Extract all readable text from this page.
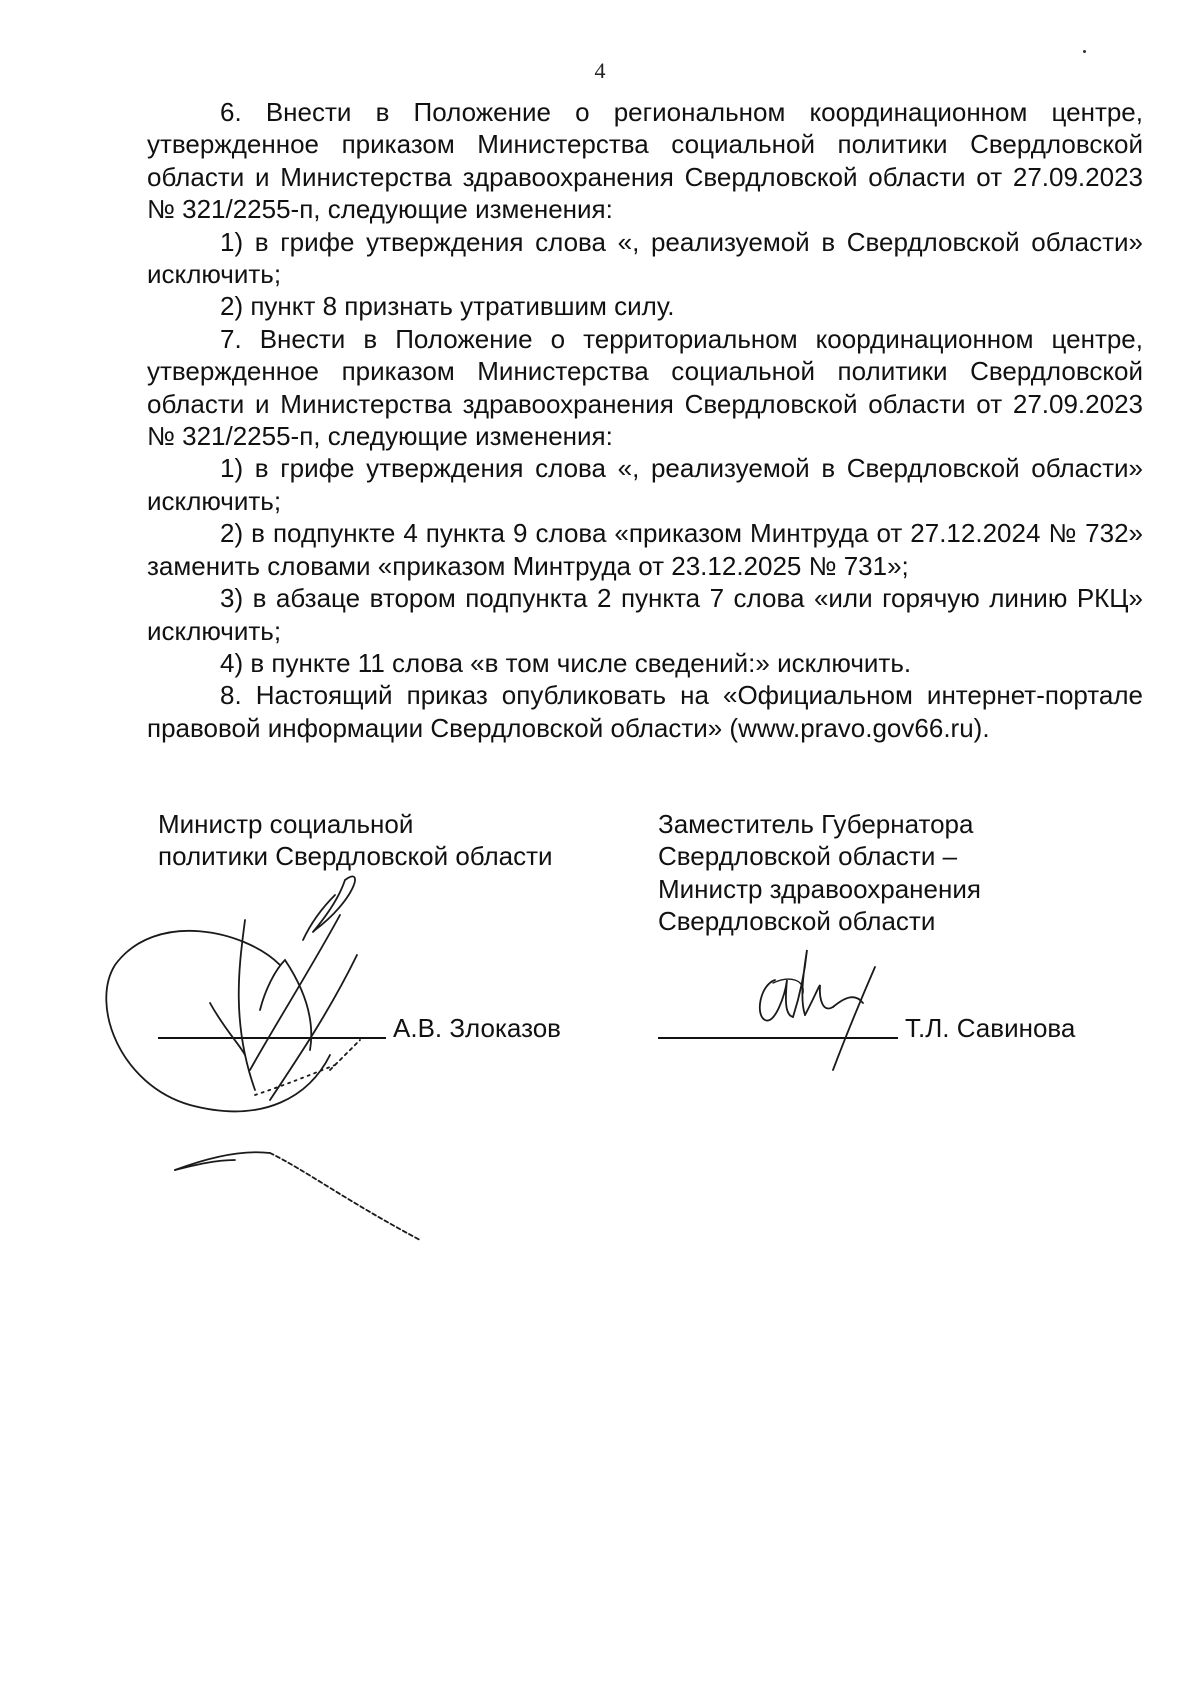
4

6. Внести в Положение о региональном координационном центре, утвержденное приказом Министерства социальной политики Свердловской области и Министерства здравоохранения Свердловской области от 27.09.2023 № 321/2255-п, следующие изменения:

1) в грифе утверждения слова «, реализуемой в Свердловской области» исключить;

2) пункт 8 признать утратившим силу.

7. Внести в Положение о территориальном координационном центре, утвержденное приказом Министерства социальной политики Свердловской области и Министерства здравоохранения Свердловской области от 27.09.2023 № 321/2255-п, следующие изменения:

1) в грифе утверждения слова «, реализуемой в Свердловской области» исключить;

2) в подпункте 4 пункта 9 слова «приказом Минтруда от 27.12.2024 № 732» заменить словами «приказом Минтруда от 23.12.2025 № 731»;

3) в абзаце втором подпункта 2 пункта 7 слова «или горячую линию РКЦ» исключить;

4) в пункте 11 слова «в том числе сведений:» исключить.

8. Настоящий приказ опубликовать на «Официальном интернет-портале правовой информации Свердловской области» (www.pravo.gov66.ru).

Министр социальной
политики Свердловской области
А.В. Злоказов
Заместитель Губернатора
Свердловской области –
Министр здравоохранения
Свердловской области
Т.Л. Савинова
